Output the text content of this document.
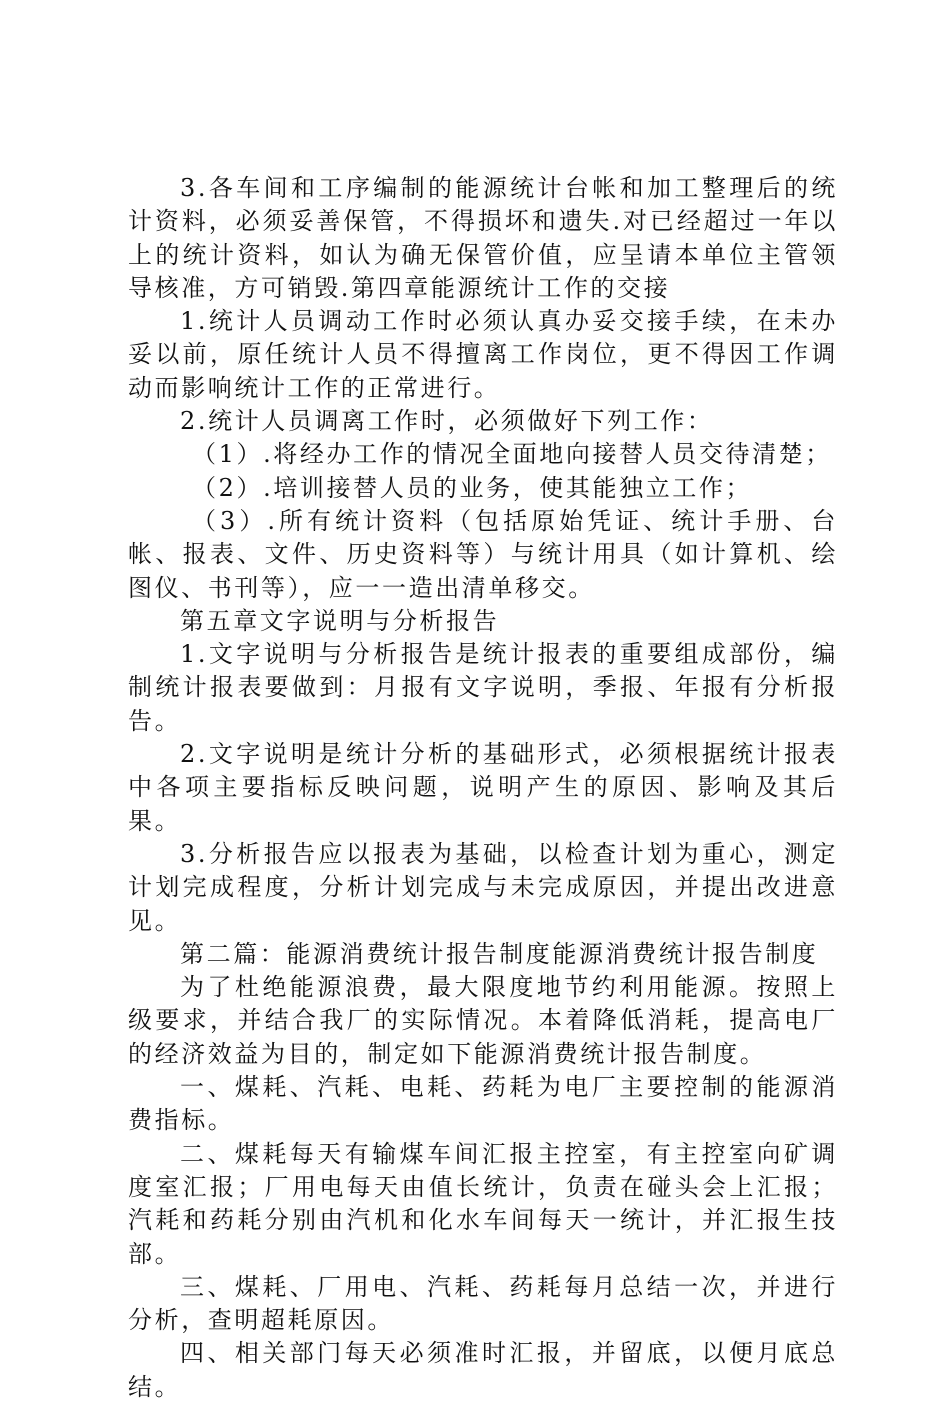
3.各车间和工序编制的能源统计台帐和加工整理后的统计资料，必须妥善保管，不得损坏和遗失.对已经超过一年以上的统计资料，如认为确无保管价值，应呈请本单位主管领导核准，方可销毁.第四章能源统计工作的交接

1.统计人员调动工作时必须认真办妥交接手续，在未办妥以前，原任统计人员不得擅离工作岗位，更不得因工作调动而影响统计工作的正常进行。

2.统计人员调离工作时，必须做好下列工作：

（1）.将经办工作的情况全面地向接替人员交待清楚；

（2）.培训接替人员的业务，使其能独立工作；

（3）.所有统计资料（包括原始凭证、统计手册、台帐、报表、文件、历史资料等）与统计用具（如计算机、绘图仪、书刊等），应一一造出清单移交。

第五章文字说明与分析报告

1.文字说明与分析报告是统计报表的重要组成部份，编制统计报表要做到：月报有文字说明，季报、年报有分析报告。

2.文字说明是统计分析的基础形式，必须根据统计报表中各项主要指标反映问题，说明产生的原因、影响及其后果。

3.分析报告应以报表为基础，以检查计划为重心，测定计划完成程度，分析计划完成与未完成原因，并提出改进意见。

第二篇：能源消费统计报告制度能源消费统计报告制度

为了杜绝能源浪费，最大限度地节约利用能源。按照上级要求，并结合我厂的实际情况。本着降低消耗，提高电厂的经济效益为目的，制定如下能源消费统计报告制度。

一、煤耗、汽耗、电耗、药耗为电厂主要控制的能源消费指标。

二、煤耗每天有输煤车间汇报主控室，有主控室向矿调度室汇报；厂用电每天由值长统计，负责在碰头会上汇报；汽耗和药耗分别由汽机和化水车间每天一统计，并汇报生技部。

三、煤耗、厂用电、汽耗、药耗每月总结一次，并进行分析，查明超耗原因。

四、相关部门每天必须准时汇报，并留底，以便月底总结。
